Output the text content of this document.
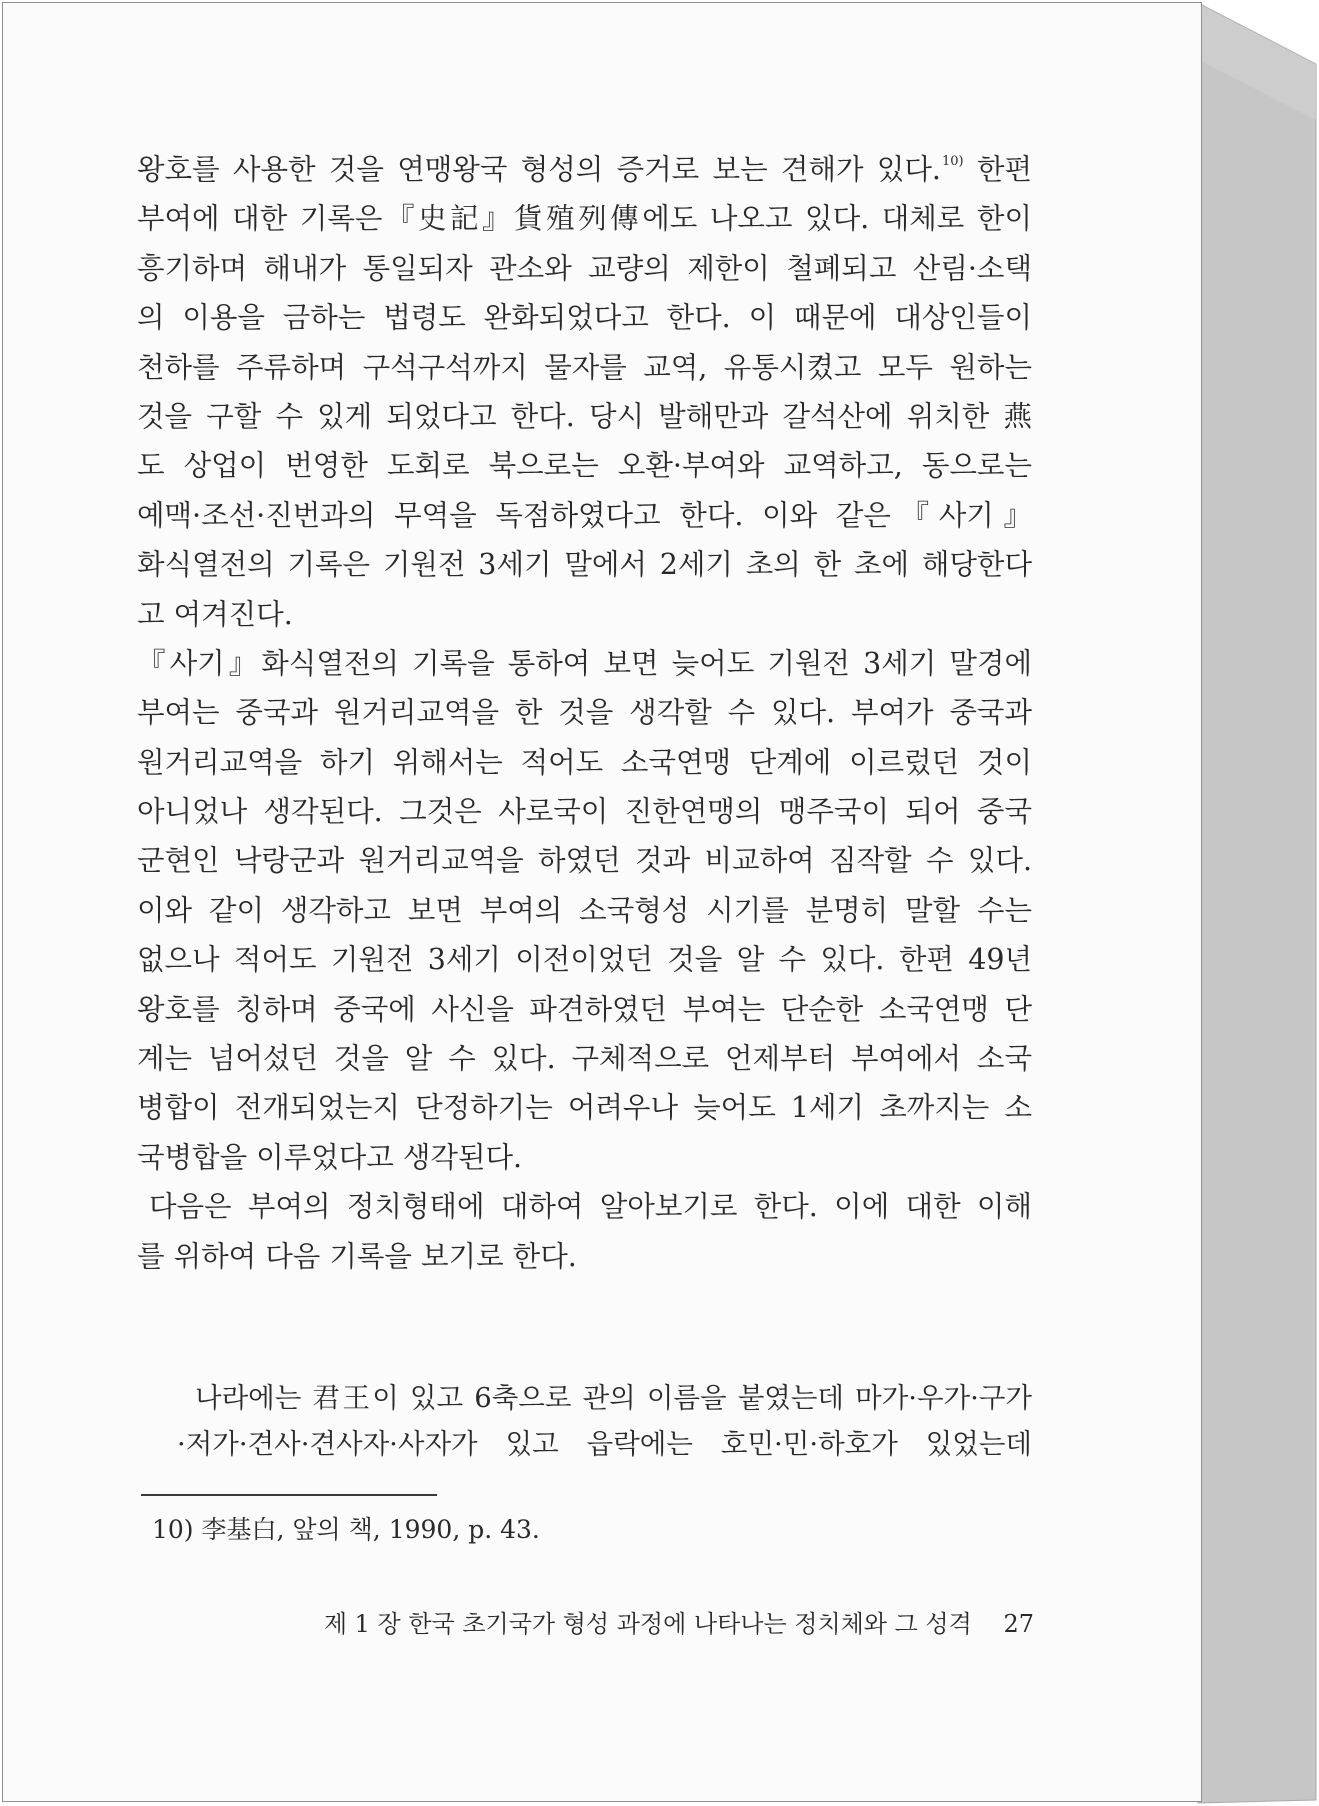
왕호를 사용한 것을 연맹왕국 형성의 증거로 보는 견해가 있다.$^{10)}$ 한편
부여에 대한 기록은『史記』貨殖列傳에도 나오고 있다. 대체로 한이
흥기하며 해내가 통일되자 관소와 교량의 제한이 철폐되고 산림·소택
의 이용을 금하는 법령도 완화되었다고 한다. 이 때문에 대상인들이
천하를 주류하며 구석구석까지 물자를 교역, 유통시켰고 모두 원하는
것을 구할 수 있게 되었다고 한다. 당시 발해만과 갈석산에 위치한 燕
도 상업이 번영한 도회로 북으로는 오환·부여와 교역하고, 동으로는
예맥·조선·진번과의 무역을 독점하였다고 한다. 이와 같은『사기』
화식열전의 기록은 기원전 3세기 말에서 2세기 초의 한 초에 해당한다
고 여겨진다.
『사기』화식열전의 기록을 통하여 보면 늦어도 기원전 3세기 말경에
부여는 중국과 원거리교역을 한 것을 생각할 수 있다. 부여가 중국과
원거리교역을 하기 위해서는 적어도 소국연맹 단계에 이르렀던 것이
아니었나 생각된다. 그것은 사로국이 진한연맹의 맹주국이 되어 중국
군현인 낙랑군과 원거리교역을 하였던 것과 비교하여 짐작할 수 있다.
이와 같이 생각하고 보면 부여의 소국형성 시기를 분명히 말할 수는
없으나 적어도 기원전 3세기 이전이었던 것을 알 수 있다. 한편 49년
왕호를 칭하며 중국에 사신을 파견하였던 부여는 단순한 소국연맹 단
계는 넘어섰던 것을 알 수 있다. 구체적으로 언제부터 부여에서 소국
병합이 전개되었는지 단정하기는 어려우나 늦어도 1세기 초까지는 소
국병합을 이루었다고 생각된다.
다음은 부여의 정치형태에 대하여 알아보기로 한다. 이에 대한 이해
를 위하여 다음 기록을 보기로 한다.
나라에는 君王이 있고 6축으로 관의 이름을 붙였는데 마가·우가·구가
·저가·견사·견사자·사자가 있고 읍락에는 호민·민·하호가 있었는데
10) 李基白, 앞의 책, 1990, p. 43.
제 1 장 한국 초기국가 형성 과정에 나타나는 정치체와 그 성격 27
